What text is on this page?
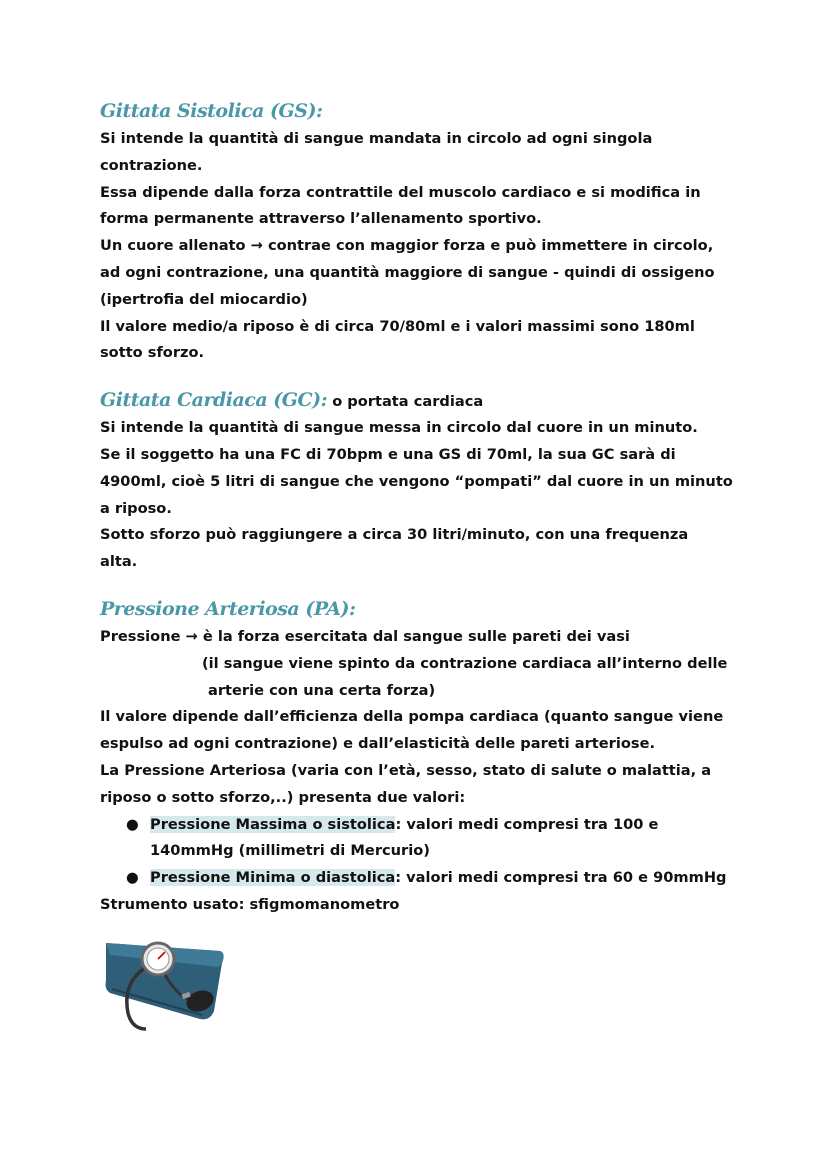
Gittata Sistolica (GS):
Si intende la quantità di sangue mandata in circolo ad ogni singola
contrazione.
Essa dipende dalla forza contrattile del muscolo cardiaco e si modifica in
forma permanente attraverso l’allenamento sportivo.
Un cuore allenato → contrae con maggior forza e può immettere in circolo,
ad ogni contrazione, una quantità maggiore di sangue - quindi di ossigeno
(ipertrofia del miocardio)
Il valore medio/a riposo è di circa 70/80ml e i valori massimi sono 180ml
sotto sforzo.
Gittata Cardiaca (GC): o portata cardiaca
Si intende la quantità di sangue messa in circolo dal cuore in un minuto.
Se il soggetto ha una FC di 70bpm e una GS di 70ml, la sua GC sarà di
4900ml, cioè 5 litri di sangue che vengono “pompati” dal cuore in un minuto
a riposo.
Sotto sforzo può raggiungere a circa 30 litri/minuto, con una frequenza
alta.
Pressione Arteriosa (PA):
Pressione → è la forza esercitata dal sangue sulle pareti dei vasi
(il sangue viene spinto da contrazione cardiaca all’interno delle
arterie con una certa forza)
Il valore dipende dall’efficienza della pompa cardiaca (quanto sangue viene
espulso ad ogni contrazione) e dall’elasticità delle pareti arteriose.
La Pressione Arteriosa (varia con l’età, sesso, stato di salute o malattia, a
riposo o sotto sforzo,..) presenta due valori:
● Pressione Massima o sistolica: valori medi compresi tra 100 e
140mmHg (millimetri di Mercurio)
● Pressione Minima o diastolica: valori medi compresi tra 60 e 90mmHg
Strumento usato: sfigmomanometro
